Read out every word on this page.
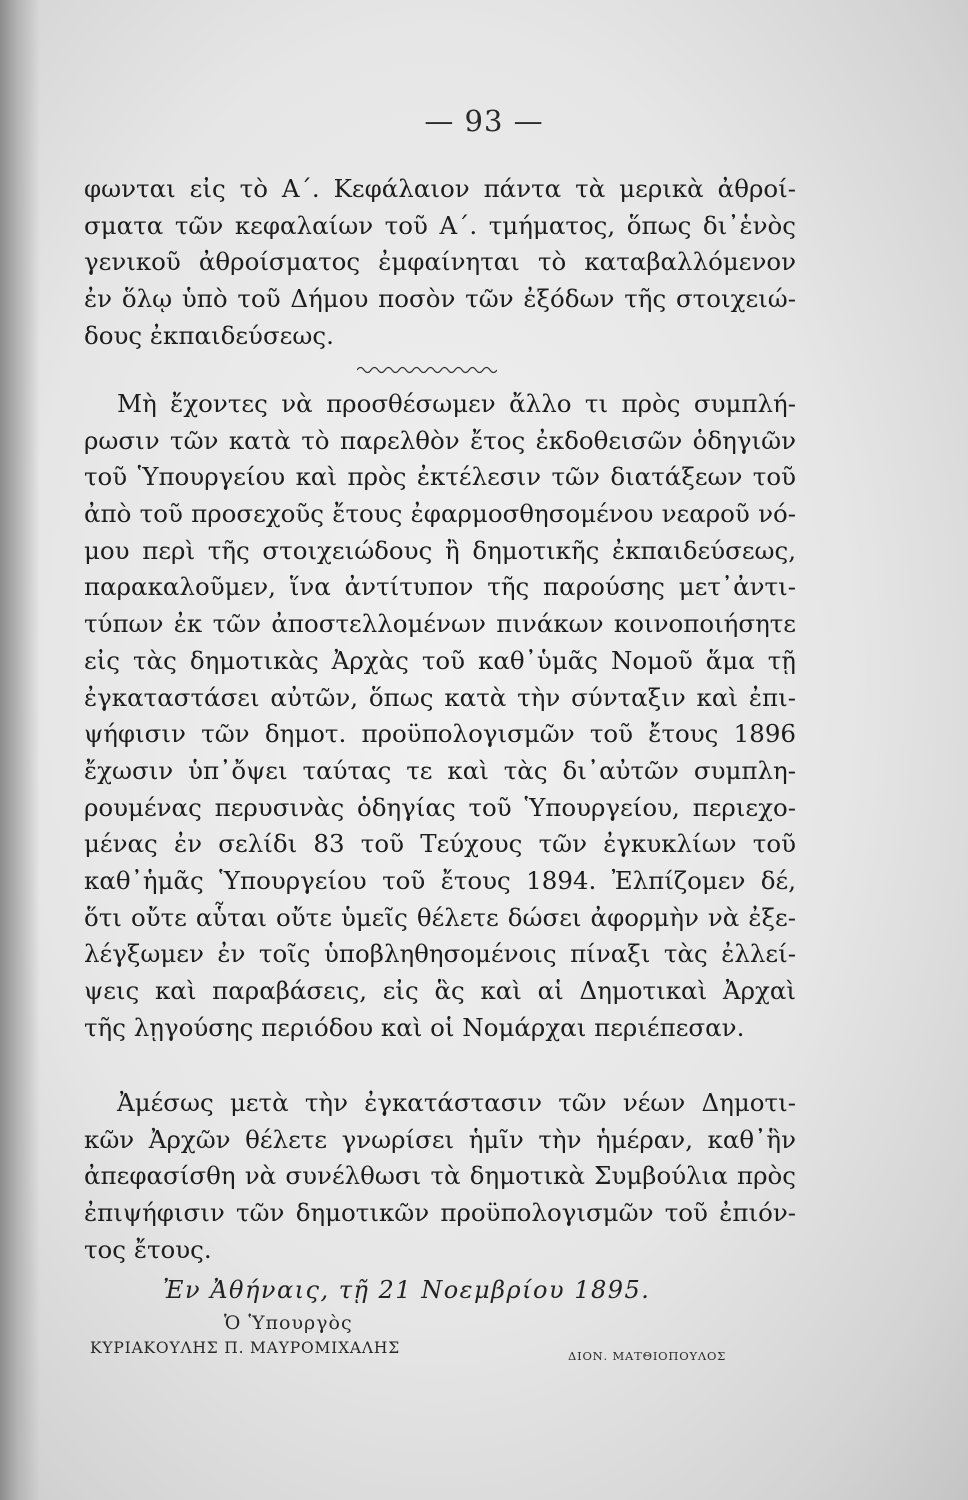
— 93 —
φωνται εἰς τὸ Α΄. Κεφάλαιον πάντα τὰ μερικὰ ἀθροί-
σματα τῶν κεφαλαίων τοῦ Α΄. τμήματος, ὅπως δι᾽ἑνὸς
γενικοῦ ἀθροίσματος ἐμφαίνηται τὸ καταβαλλόμενον
ἐν ὅλῳ ὑπὸ τοῦ Δήμου ποσὸν τῶν ἐξόδων τῆς στοιχειώ-
δους ἐκπαιδεύσεως.
Μὴ ἔχοντες νὰ προσθέσωμεν ἄλλο τι πρὸς συμπλή-
ρωσιν τῶν κατὰ τὸ παρελθὸν ἔτος ἐκδοθεισῶν ὁδηγιῶν
τοῦ Ὑπουργείου καὶ πρὸς ἐκτέλεσιν τῶν διατάξεων τοῦ
ἀπὸ τοῦ προσεχοῦς ἔτους ἐφαρμοσθησομένου νεαροῦ νό-
μου περὶ τῆς στοιχειώδους ἢ δημοτικῆς ἐκπαιδεύσεως,
παρακαλοῦμεν, ἵνα ἀντίτυπον τῆς παρούσης μετ᾽ἀντι-
τύπων ἐκ τῶν ἀποστελλομένων πινάκων κοινοποιήσητε
εἰς τὰς δημοτικὰς Ἀρχὰς τοῦ καθ᾽ὑμᾶς Νομοῦ ἅμα τῇ
ἐγκαταστάσει αὐτῶν, ὅπως κατὰ τὴν σύνταξιν καὶ ἐπι-
ψήφισιν τῶν δημοτ. προϋπολογισμῶν τοῦ ἔτους 1896
ἔχωσιν ὑπ᾽ὄψει ταύτας τε καὶ τὰς δι᾽αὐτῶν συμπλη-
ρουμένας περυσινὰς ὁδηγίας τοῦ Ὑπουργείου, περιεχο-
μένας ἐν σελίδι 83 τοῦ Τεύχους τῶν ἐγκυκλίων τοῦ
καθ᾽ἡμᾶς Ὑπουργείου τοῦ ἔτους 1894. Ἐλπίζομεν δέ,
ὅτι οὔτε αὗται οὔτε ὑμεῖς θέλετε δώσει ἀφορμὴν νὰ ἐξε-
λέγξωμεν ἐν τοῖς ὑποβληθησομένοις πίναξι τὰς ἐλλεί-
ψεις καὶ παραβάσεις, εἰς ἃς καὶ αἱ Δημοτικαὶ Ἀρχαὶ
τῆς λῃγούσης περιόδου καὶ οἱ Νομάρχαι περιέπεσαν.
Ἀμέσως μετὰ τὴν ἐγκατάστασιν τῶν νέων Δημοτι-
κῶν Ἀρχῶν θέλετε γνωρίσει ἡμῖν τὴν ἡμέραν, καθ᾽ἣν
ἀπεφασίσθη νὰ συνέλθωσι τὰ δημοτικὰ Συμβούλια πρὸς
ἐπιψήφισιν τῶν δημοτικῶν προϋπολογισμῶν τοῦ ἐπιόν-
τος ἔτους.
Ἐν Ἀθήναις, τῇ 21 Νοεμβρίου 1895.
Ὁ Ὑπουργὸς
ΚΥΡΙΑΚΟΥΛΗΣ Π. ΜΑΥΡΟΜΙΧΑΛΗΣ	ΔΙΟΝ. ΜΑΤΘΙΟΠΟΥΛΟΣ
